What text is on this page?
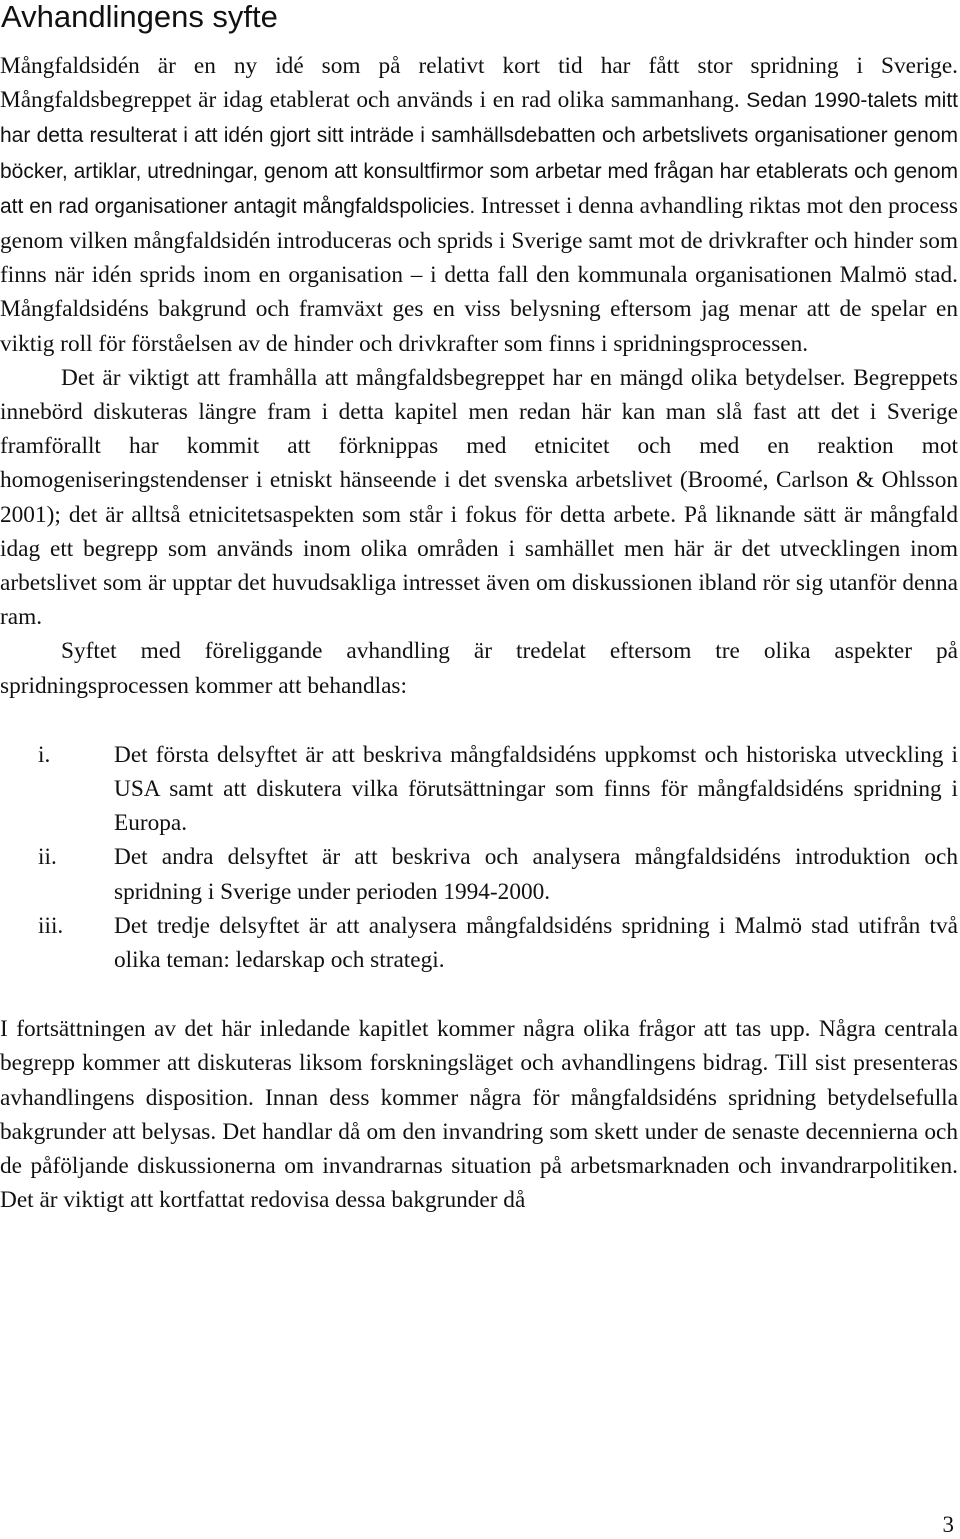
Avhandlingens syfte

Mångfaldsidén är en ny idé som på relativt kort tid har fått stor spridning i Sverige. Mångfaldsbegreppet är idag etablerat och används i en rad olika sammanhang. Sedan 1990-talets mitt har detta resulterat i att idén gjort sitt inträde i samhällsdebatten och arbetslivets organisationer genom böcker, artiklar, utredningar, genom att konsultfirmor som arbetar med frågan har etablerats och genom att en rad organisationer antagit mångfaldspolicies. Intresset i denna avhandling riktas mot den process genom vilken mångfaldsidén introduceras och sprids i Sverige samt mot de drivkrafter och hinder som finns när idén sprids inom en organisation – i detta fall den kommunala organisationen Malmö stad. Mångfaldsidéns bakgrund och framväxt ges en viss belysning eftersom jag menar att de spelar en viktig roll för förståelsen av de hinder och drivkrafter som finns i spridningsprocessen.

Det är viktigt att framhålla att mångfaldsbegreppet har en mängd olika betydelser. Begreppets innebörd diskuteras längre fram i detta kapitel men redan här kan man slå fast att det i Sverige framförallt har kommit att förknippas med etnicitet och med en reaktion mot homogeniseringstendenser i etniskt hänseende i det svenska arbetslivet (Broomé, Carlson & Ohlsson 2001); det är alltså etnicitetsaspekten som står i fokus för detta arbete. På liknande sätt är mångfald idag ett begrepp som används inom olika områden i samhället men här är det utvecklingen inom arbetslivet som är upptar det huvudsakliga intresset även om diskussionen ibland rör sig utanför denna ram.

Syftet med föreliggande avhandling är tredelat eftersom tre olika aspekter på spridningsprocessen kommer att behandlas:

i.	Det första delsyftet är att beskriva mångfaldsidéns uppkomst och historiska utveckling i USA samt att diskutera vilka förutsättningar som finns för mångfaldsidéns spridning i Europa.
ii. Det andra delsyftet är att beskriva och analysera mångfaldsidéns introduktion och spridning i Sverige under perioden 1994-2000.
iii. Det tredje delsyftet är att analysera mångfaldsidéns spridning i Malmö stad utifrån två olika teman: ledarskap och strategi.

I fortsättningen av det här inledande kapitlet kommer några olika frågor att tas upp. Några centrala begrepp kommer att diskuteras liksom forskningsläget och avhandlingens bidrag. Till sist presenteras avhandlingens disposition. Innan dess kommer några för mångfaldsidéns spridning betydelsefulla bakgrunder att belysas. Det handlar då om den invandring som skett under de senaste decennierna och de påföljande diskussionerna om invandrarnas situation på arbetsmarknaden och invandrarpolitiken. Det är viktigt att kortfattat redovisa dessa bakgrunder då

3
